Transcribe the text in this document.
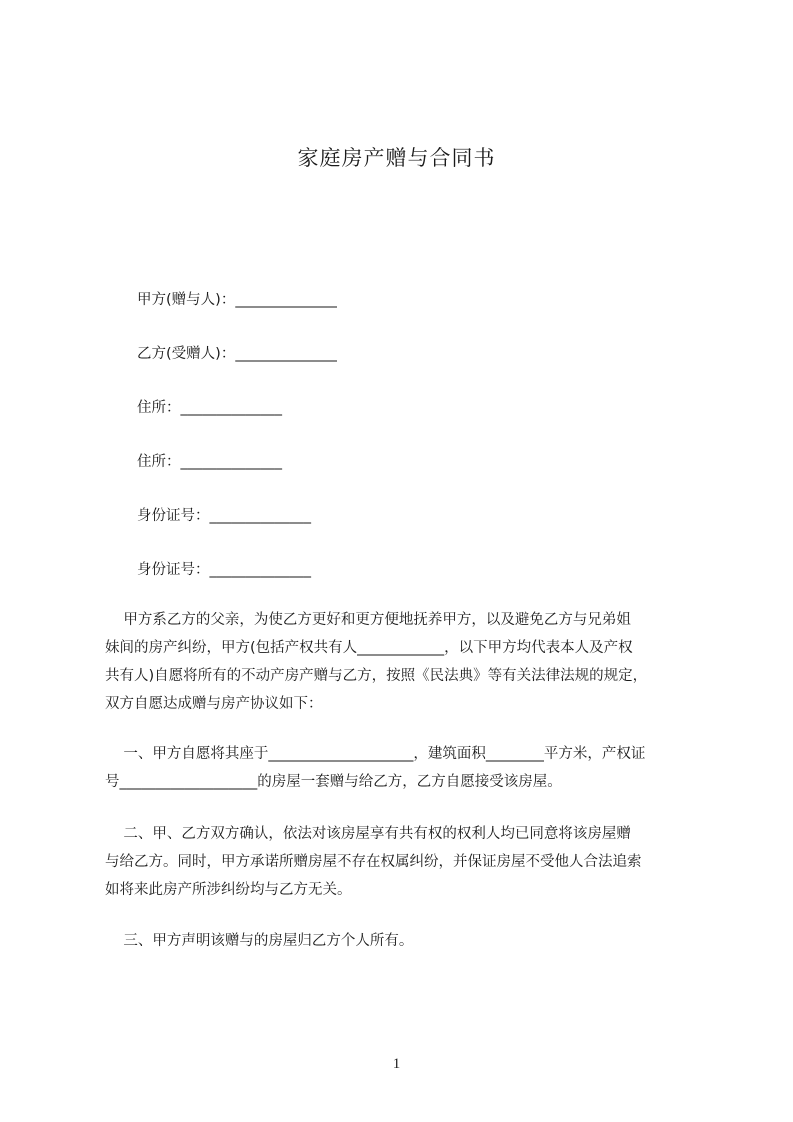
家庭房产赠与合同书
甲方(赠与人)：______________
乙方(受赠人)：______________
住所：______________
住所：______________
身份证号：______________
身份证号：______________
甲方系乙方的父亲，为使乙方更好和更方便地抚养甲方，以及避免乙方与兄弟姐
妹间的房产纠纷，甲方(包括产权共有人____________，以下甲方均代表本人及产权
共有人)自愿将所有的不动产房产赠与乙方，按照《民法典》等有关法律法规的规定，
双方自愿达成赠与房产协议如下：
一、甲方自愿将其座于____________________，建筑面积________平方米，产权证
号___________________的房屋一套赠与给乙方，乙方自愿接受该房屋。
二、甲、乙方双方确认，依法对该房屋享有共有权的权利人均已同意将该房屋赠
与给乙方。同时，甲方承诺所赠房屋不存在权属纠纷，并保证房屋不受他人合法追索
如将来此房产所涉纠纷均与乙方无关。
三、甲方声明该赠与的房屋归乙方个人所有。
1
